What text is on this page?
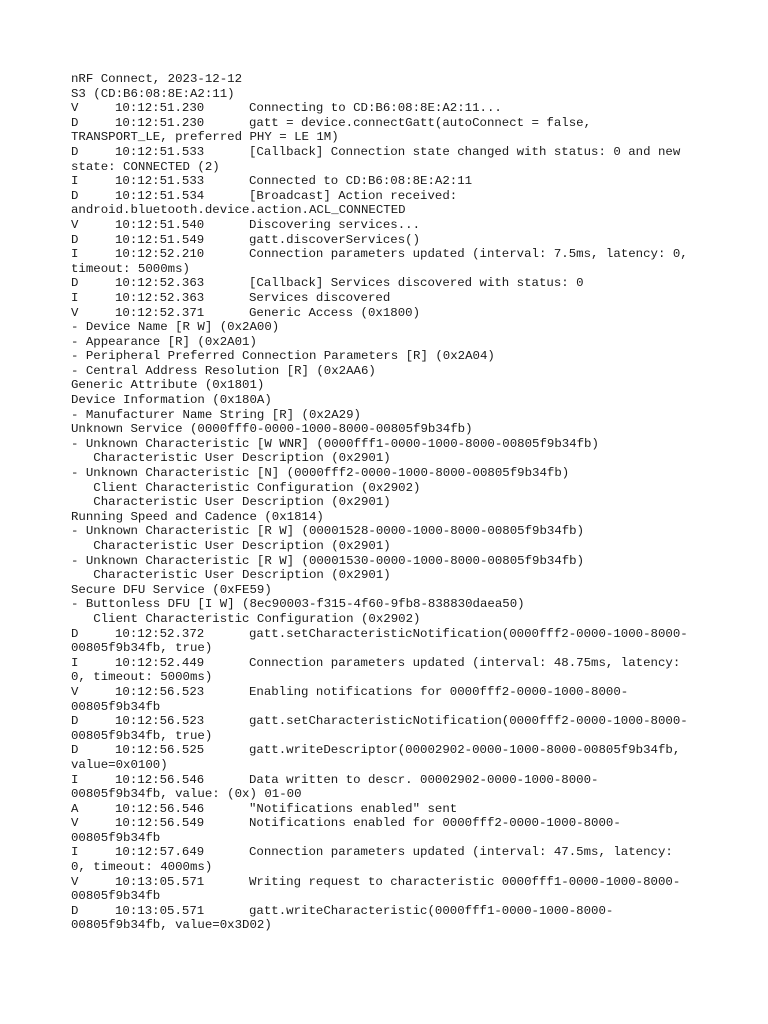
nRF Connect, 2023-12-12
S3 (CD:B6:08:8E:A2:11)
V	10:12:51.230	Connecting to CD:B6:08:8E:A2:11...
D	10:12:51.230	gatt = device.connectGatt(autoConnect = false,
TRANSPORT_LE, preferred PHY = LE 1M)
D	10:12:51.533	[Callback] Connection state changed with status: 0 and new
state: CONNECTED (2)
I	10:12:51.533	Connected to CD:B6:08:8E:A2:11
D	10:12:51.534	[Broadcast] Action received:
android.bluetooth.device.action.ACL_CONNECTED
V	10:12:51.540	Discovering services...
D	10:12:51.549	gatt.discoverServices()
I	10:12:52.210	Connection parameters updated (interval: 7.5ms, latency: 0,
timeout: 5000ms)
D	10:12:52.363	[Callback] Services discovered with status: 0
I	10:12:52.363	Services discovered
V	10:12:52.371	Generic Access (0x1800)
- Device Name [R W] (0x2A00)
- Appearance [R] (0x2A01)
- Peripheral Preferred Connection Parameters [R] (0x2A04)
- Central Address Resolution [R] (0x2AA6)
Generic Attribute (0x1801)
Device Information (0x180A)
- Manufacturer Name String [R] (0x2A29)
Unknown Service (0000fff0-0000-1000-8000-00805f9b34fb)
- Unknown Characteristic [W WNR] (0000fff1-0000-1000-8000-00805f9b34fb)
Characteristic User Description (0x2901)
- Unknown Characteristic [N] (0000fff2-0000-1000-8000-00805f9b34fb)
Client Characteristic Configuration (0x2902)
Characteristic User Description (0x2901)
Running Speed and Cadence (0x1814)
- Unknown Characteristic [R W] (00001528-0000-1000-8000-00805f9b34fb)
Characteristic User Description (0x2901)
- Unknown Characteristic [R W] (00001530-0000-1000-8000-00805f9b34fb)
Characteristic User Description (0x2901)
Secure DFU Service (0xFE59)
- Buttonless DFU [I W] (8ec90003-f315-4f60-9fb8-838830daea50)
Client Characteristic Configuration (0x2902)
D	10:12:52.372	gatt.setCharacteristicNotification(0000fff2-0000-1000-8000-
00805f9b34fb, true)
I	10:12:52.449	Connection parameters updated (interval: 48.75ms, latency:
0, timeout: 5000ms)
V	10:12:56.523	Enabling notifications for 0000fff2-0000-1000-8000-
00805f9b34fb
D	10:12:56.523	gatt.setCharacteristicNotification(0000fff2-0000-1000-8000-
00805f9b34fb, true)
D	10:12:56.525	gatt.writeDescriptor(00002902-0000-1000-8000-00805f9b34fb,
value=0x0100)
I	10:12:56.546	Data written to descr. 00002902-0000-1000-8000-
00805f9b34fb, value: (0x) 01-00
A	10:12:56.546	"Notifications enabled" sent
V	10:12:56.549	Notifications enabled for 0000fff2-0000-1000-8000-
00805f9b34fb
I	10:12:57.649	Connection parameters updated (interval: 47.5ms, latency:
0, timeout: 4000ms)
V	10:13:05.571	Writing request to characteristic 0000fff1-0000-1000-8000-
00805f9b34fb
D	10:13:05.571	gatt.writeCharacteristic(0000fff1-0000-1000-8000-
00805f9b34fb, value=0x3D02)
